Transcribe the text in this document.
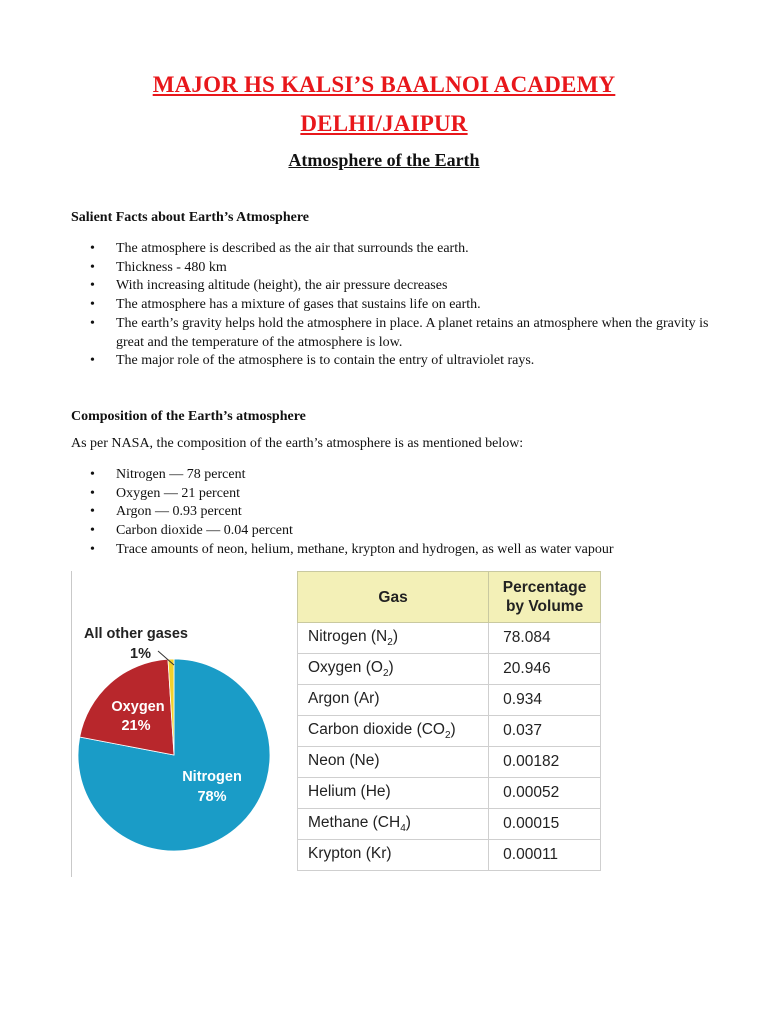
MAJOR HS KALSI’S BAALNOI ACADEMY
DELHI/JAIPUR
Atmosphere of the Earth
Salient Facts about Earth’s Atmosphere
• The atmosphere is described as the air that surrounds the earth.
• Thickness - 480 km
• With increasing altitude (height), the air pressure decreases
• The atmosphere has a mixture of gases that sustains life on earth.
• The earth’s gravity helps hold the atmosphere in place. A planet retains an atmosphere when the gravity is great and the temperature of the atmosphere is low.
• The major role of the atmosphere is to contain the entry of ultraviolet rays.
Composition of the Earth’s atmosphere
As per NASA, the composition of the earth’s atmosphere is as mentioned below:
• Nitrogen — 78 percent
• Oxygen — 21 percent
• Argon — 0.93 percent
• Carbon dioxide — 0.04 percent
• Trace amounts of neon, helium, methane, krypton and hydrogen, as well as water vapour
All other gases
1%
Oxygen
21%
Nitrogen
78%
Gas	Percentage
by Volume
Nitrogen $(N_2)$	78.084
Oxygen $(O_2)$	20.946
Argon (Ar)	0.934
Carbon dioxide $(CO_2)$	0.037
Neon (Ne)	0.00182
Helium (He)	0.00052
Methane $(CH_4)$	0.00015
Krypton (Kr)	0.00011
